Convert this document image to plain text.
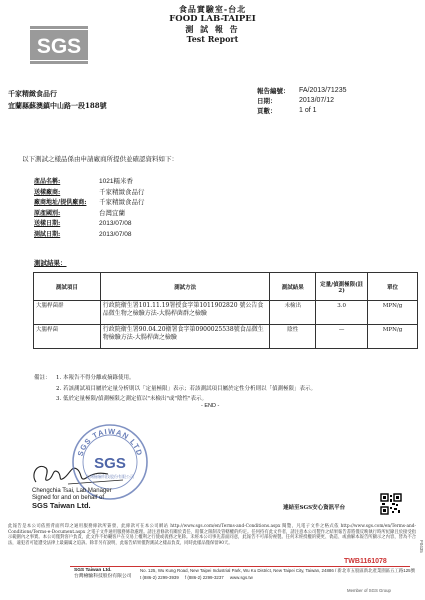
SGS
食品實驗室-台北
FOOD LAB-TAIPEI
測 試 報 告
Test Report
千家精緻食品行
宜蘭縣蘇澳鎮中山路一段188號
報告編號：	FA/2013/71235
日期：	2013/07/12
頁數：	1 of 1
以下測試之樣品係由申請廠商所提供並確認資料如下：
產品名稱:	1021糯米香
送樣廠商:	千家精緻食品行
廠商地址/提供廠商:	千家精緻食品行
原產國別:	台灣宜蘭
送樣日期:	2013/07/08
測試日期:	2013/07/08
測試結果：
測試項目	測試方法	測試結果	定量/偵測極限(註2)	單位
大腸桿菌群	行政院衛生署101.11.19署授食字第1011902820 號公告食品微生物之檢驗方法-大腸桿菌群之檢驗	未檢出	3.0	MPN/g
大腸桿菌	行政院衛生署90.04.20衛署食字第0900025538號食品微生物檢驗方法-大腸桿菌之檢驗	陰性	—	MPN/g
備註： 1. 本報告不得分離或摘錄使用。
2. 若該測試項目屬於定量分析則以「定量極限」表示；若該測試項目屬於定性分析則以「偵測極限」表示。
3. 低於定量極限/偵測極限之測定值以"未檢出"或"陰性"表示。
- END -
SGS TAIWAN LTD
SGS
台灣檢驗科技股份有限公司
Chengchia Tsai, Lab Manager
Signed for and on behalf of
SGS Taiwan Ltd.	連結至SGS安心資訊平台
此報告是本公司依照背面所印之通用服務條款所簽發，此條款可在本公司網站 http://www.sgs.com/en/Terms-and-Conditions.aspx 閱覽，凡電子文件之格式依 http://www.sgs.com/en/Terms-and-Conditions/Terms-e-Document.aspx 之電子文件通用服務條款處理。請注意條款有關於責任、賠償之限制及管轄權的約定。任何持有此文件者，請注意本公司製作之結果報告書將僅反映執行時所紀錄且於接受指示範圍內之事實。本公司僅對客戶負責，此文件不妨礙客戶在交易上權利之行使或義務之免除。未經本公司事先書面同意，此報告不可部份複製。任何未經授權的變更、偽造、或曲解本報告所顯示之內容，皆為不合法，違犯者可能遭受法律上最嚴厲之追訴。除非另有說明，此報告結果僅對測試之樣品負責，同時此樣品僅保留90天。
TWB1161078
SGS Taiwan Ltd.
台灣檢驗科技股份有限公司
No. 125, Wu Kung Road, New Taipei Industrial Park, Wu Ku District, New Taipei City, Taiwan, 24886 / 新北市五股區新北產業園區五工路125號
t (886-2) 2299-3939 f (886-2) 2299-3237 www.sgs.tw
Member of SGS Group
F0435
